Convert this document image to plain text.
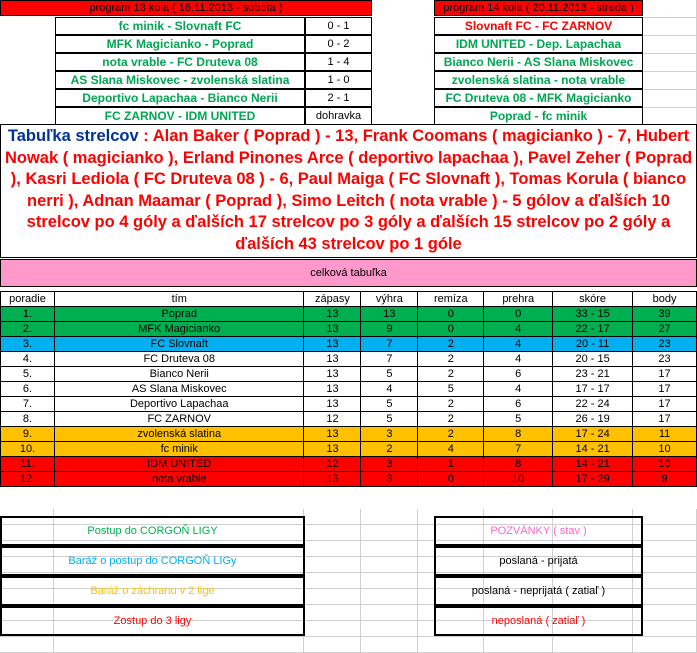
program 13 kola ( 16.11.2013 - sobota )
fc minik - Slovnaft FC	0 - 1
MFK Magicianko - Poprad	0 - 2
nota vrable - FC Druteva 08	1 - 4
AS Slana Miskovec - zvolenská slatina	1 - 0
Deportivo Lapachaa - Bianco Nerii	2 - 1
FC ZARNOV - IDM UNITED	dohravka
program 14 kola ( 20.11.2013 - streda )
Slovnaft FC - FC ZARNOV
IDM UNITED - Dep. Lapachaa
Bianco Nerii - AS Slana Miskovec
zvolenská slatina - nota vrable
FC Druteva 08 - MFK Magicianko
Poprad - fc minik
Tabuľka strelcov : Alan Baker ( Poprad ) - 13, Frank Coomans ( magicianko ) - 7, Hubert Nowak ( magicianko ), Erland Pinones Arce ( deportivo lapachaa ), Pavel Zeher ( Poprad ), Kasri Lediola ( FC Druteva 08 ) - 6, Paul Maiga ( FC Slovnaft ), Tomas Korula ( bianco nerri ), Adnan Maamar ( Poprad ), Simo Leitch ( nota vrable ) - 5 gólov a ďalších 10 strelcov po 4 góly a ďalších 17 strelcov po 3 góly a ďalších 15 strelcov po 2 góly a ďalších 43 strelcov po 1 góle
celková tabuľka
poradie	tím	zápasy	výhra	remíza	prehra	skóre	body
1.	Poprad	13	13	0	0	33 - 15	39
2.	MFK Magicianko	13	9	0	4	22 - 17	27
3.	FC Slovnaft	13	7	2	4	20 - 11	23
4.	FC Druteva 08	13	7	2	4	20 - 15	23
5.	Bianco Nerii	13	5	2	6	23 - 21	17
6.	AS Slana Miskovec	13	4	5	4	17 - 17	17
7.	Deportivo Lapachaa	13	5	2	6	22 - 24	17
8.	FC ZARNOV	12	5	2	5	26 - 19	17
9.	zvolenská slatina	13	3	2	8	17 - 24	11
10.	fc minik	13	2	4	7	14 - 21	10
11.	IDM UNITED	12	3	1	8	14 - 21	10
12.	nota vrable	13	3	0	10	17 - 29	9
Postup do CORGOŇ LIGY
Baráž o postup do CORGOŇ LIGy
Baráž o záchranu v 2 lige
Zostup do 3 ligy
POZVÁNKY ( stav )
poslaná - prijatá
poslaná - neprijatá ( zatiaľ )
neposlaná ( zatiaľ )
